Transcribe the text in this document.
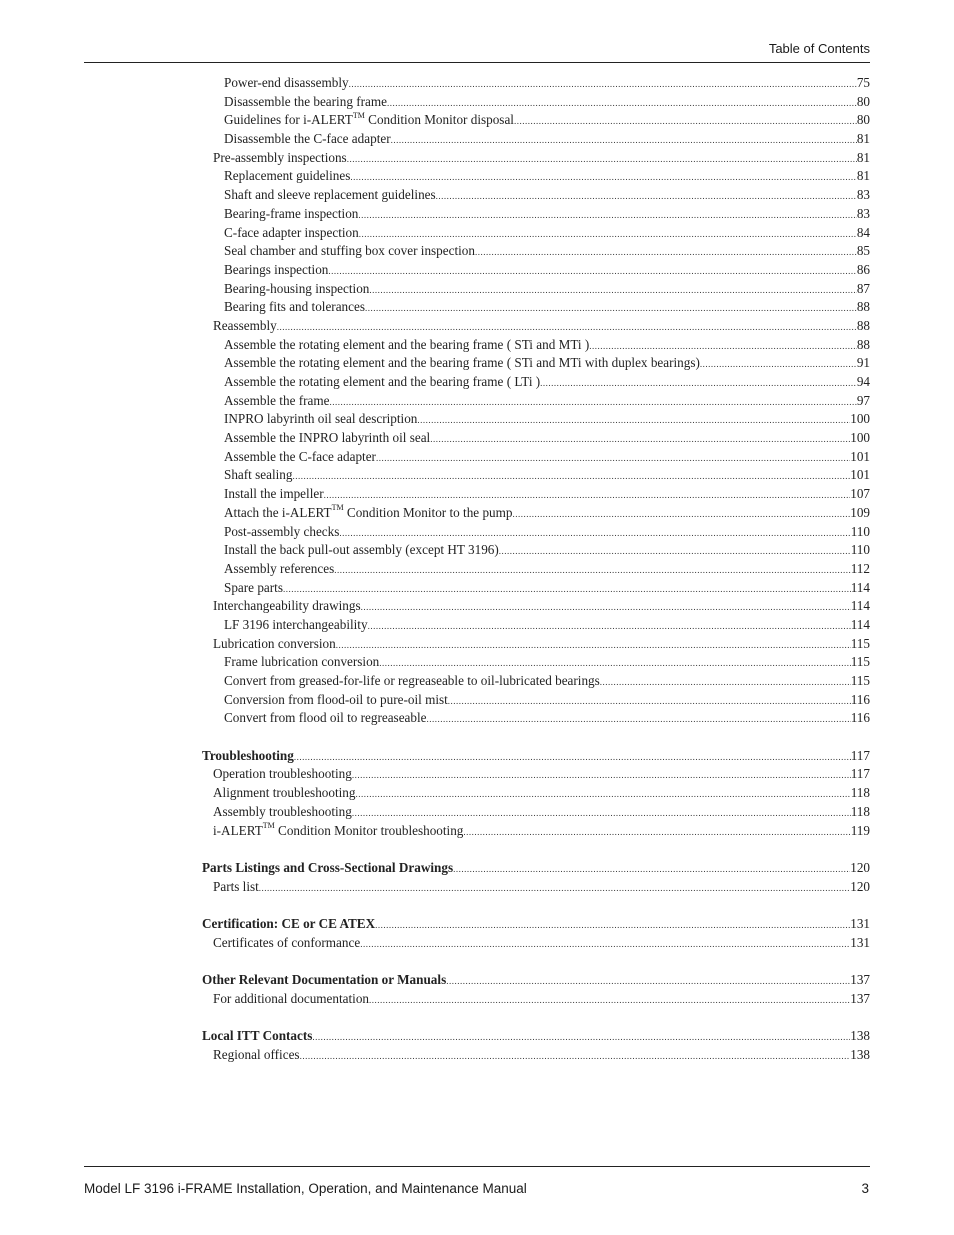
Table of Contents
Power-end disassembly .....	75
Disassemble the bearing frame .....	80
Guidelines for i-ALERT™ Condition Monitor disposal .....	80
Disassemble the C-face adapter .....	81
Pre-assembly inspections .....	81
Replacement guidelines .....	81
Shaft and sleeve replacement guidelines .....	83
Bearing-frame inspection .....	83
C-face adapter inspection .....	84
Seal chamber and stuffing box cover inspection .....	85
Bearings inspection .....	86
Bearing-housing inspection .....	87
Bearing fits and tolerances .....	88
Reassembly .....	88
Assemble the rotating element and the bearing frame ( STi and MTi ) .....	88
Assemble the rotating element and the bearing frame ( STi and MTi with duplex bearings) .....	91
Assemble the rotating element and the bearing frame ( LTi ) .....	94
Assemble the frame .....	97
INPRO labyrinth oil seal description .....	100
Assemble the INPRO labyrinth oil seal .....	100
Assemble the C-face adapter .....	101
Shaft sealing .....	101
Install the impeller .....	107
Attach the i-ALERT™ Condition Monitor to the pump .....	109
Post-assembly checks .....	110
Install the back pull-out assembly (except HT 3196) .....	110
Assembly references .....	112
Spare parts .....	114
Interchangeability drawings .....	114
LF 3196 interchangeability .....	114
Lubrication conversion .....	115
Frame lubrication conversion .....	115
Convert from greased-for-life or regreaseable to oil-lubricated bearings .....	115
Conversion from flood-oil to pure-oil mist .....	116
Convert from flood oil to regreaseable .....	116
Troubleshooting .....	117
Operation troubleshooting .....	117
Alignment troubleshooting .....	118
Assembly troubleshooting .....	118
i-ALERT™ Condition Monitor troubleshooting .....	119
Parts Listings and Cross-Sectional Drawings .....	120
Parts list .....	120
Certification: CE or CE ATEX .....	131
Certificates of conformance .....	131
Other Relevant Documentation or Manuals .....	137
For additional documentation .....	137
Local ITT Contacts .....	138
Regional offices .....	138
Model LF 3196 i-FRAME Installation, Operation, and Maintenance Manual	3
